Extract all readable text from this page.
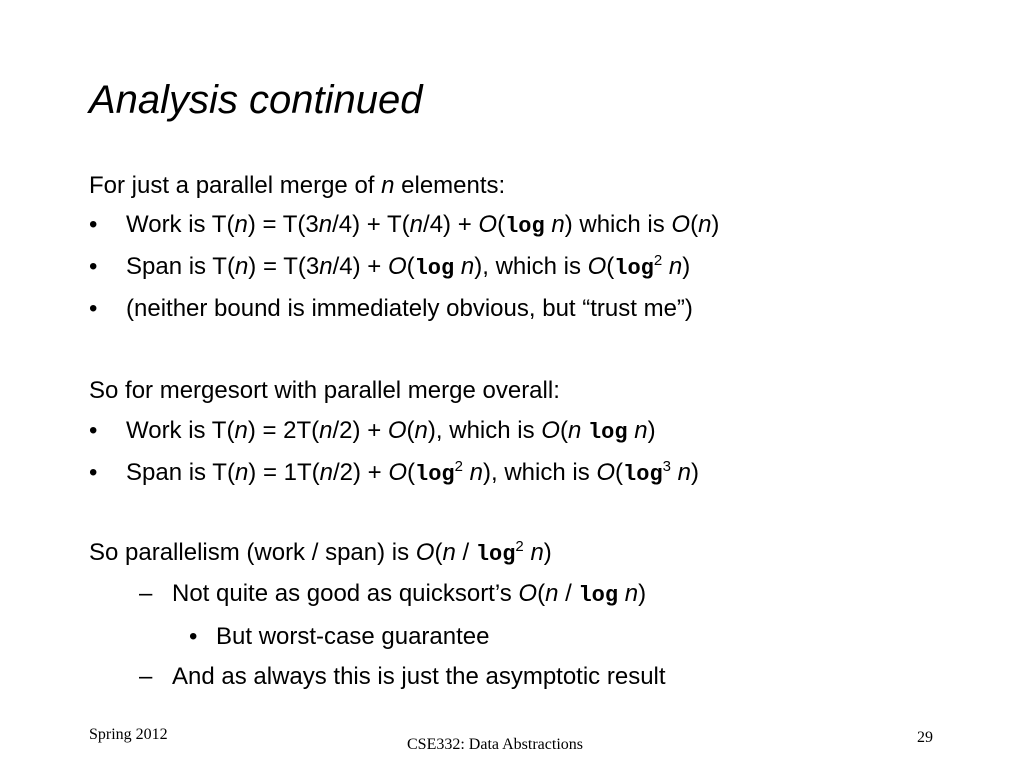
Analysis continued
For just a parallel merge of n elements:
• Work is T(n) = T(3n/4) + T(n/4) + O(log n) which is O(n)
• Span is T(n) = T(3n/4) + O(log n), which is $O(\log^2$ n)
• (neither bound is immediately obvious, but “trust me”)
So for mergesort with parallel merge overall:
• Work is T(n) = 2T(n/2) + O(n), which is O(n log n)
• Span is $T(n) = 1T(n/2) + O(\log^2$ n), which is $O(\log^3$ n)
So parallelism (work / span) is $O(n / \log^2 n)$
– Not quite as good as quicksort’s O(n / log n)
• But worst-case guarantee
– And as always this is just the asymptotic result
Spring 2012
CSE332: Data Abstractions	29
